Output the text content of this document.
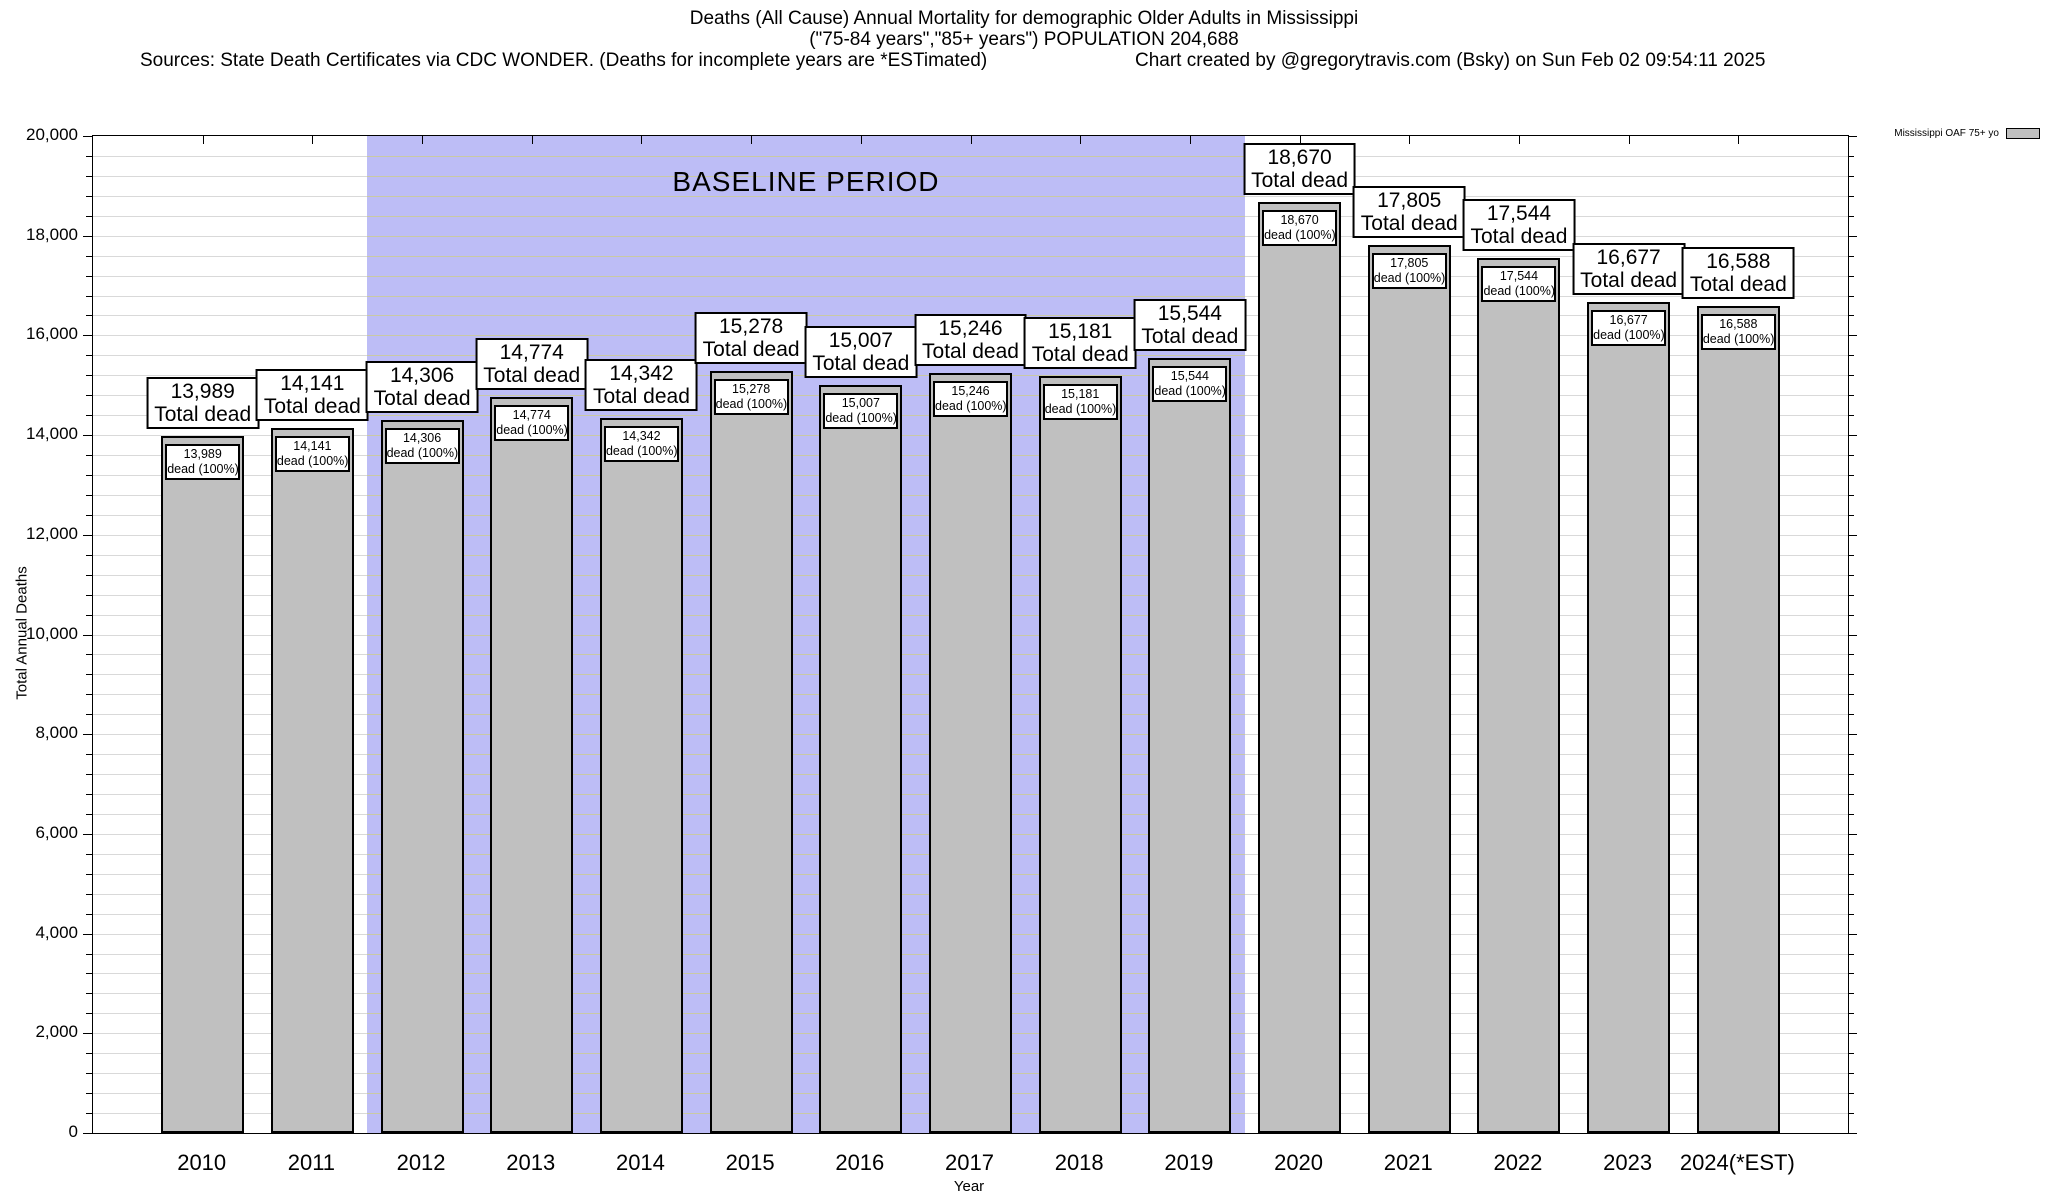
Deaths (All Cause) Annual Mortality for demographic Older Adults in Mississippi
("75-84 years","85+ years") POPULATION 204,688
Sources: State Death Certificates via CDC WONDER. (Deaths for incomplete years are *ESTimated)	Chart created by @gregorytravis.com (Bsky) on Sun Feb 02 09:54:11 2025
Mississippi OAF 75+ yo
Total Annual Deaths
Year
BASELINE PERIOD
13,989
dead (100%)
13,989
Total dead
14,141
dead (100%)
14,141
Total dead
14,306
dead (100%)
14,306
Total dead
14,774
dead (100%)
14,774
Total dead
14,342
dead (100%)
14,342
Total dead	15,278
dead (100%)
15,278
Total dead
15,007
dead (100%)
15,007
Total dead
15,246
dead (100%)
15,246
Total dead
15,181
dead (100%)
15,181
Total dead
15,544
dead (100%)
15,544
Total dead
18,670
dead (100%)
18,670
Total dead
17,805
dead (100%)
17,805
Total dead
17,544
dead (100%)
17,544
Total dead
16,677
dead (100%)
16,677
Total dead
16,588
dead (100%)
16,588
Total dead
0
2,000
4,000
6,000
8,000
10,000
12,000
14,000
16,000
18,000
20,000
2010	2011	2012	2013	2014	2015	2016	2017	2018	2019	2020	2021	2022	2023 2024(*EST)
